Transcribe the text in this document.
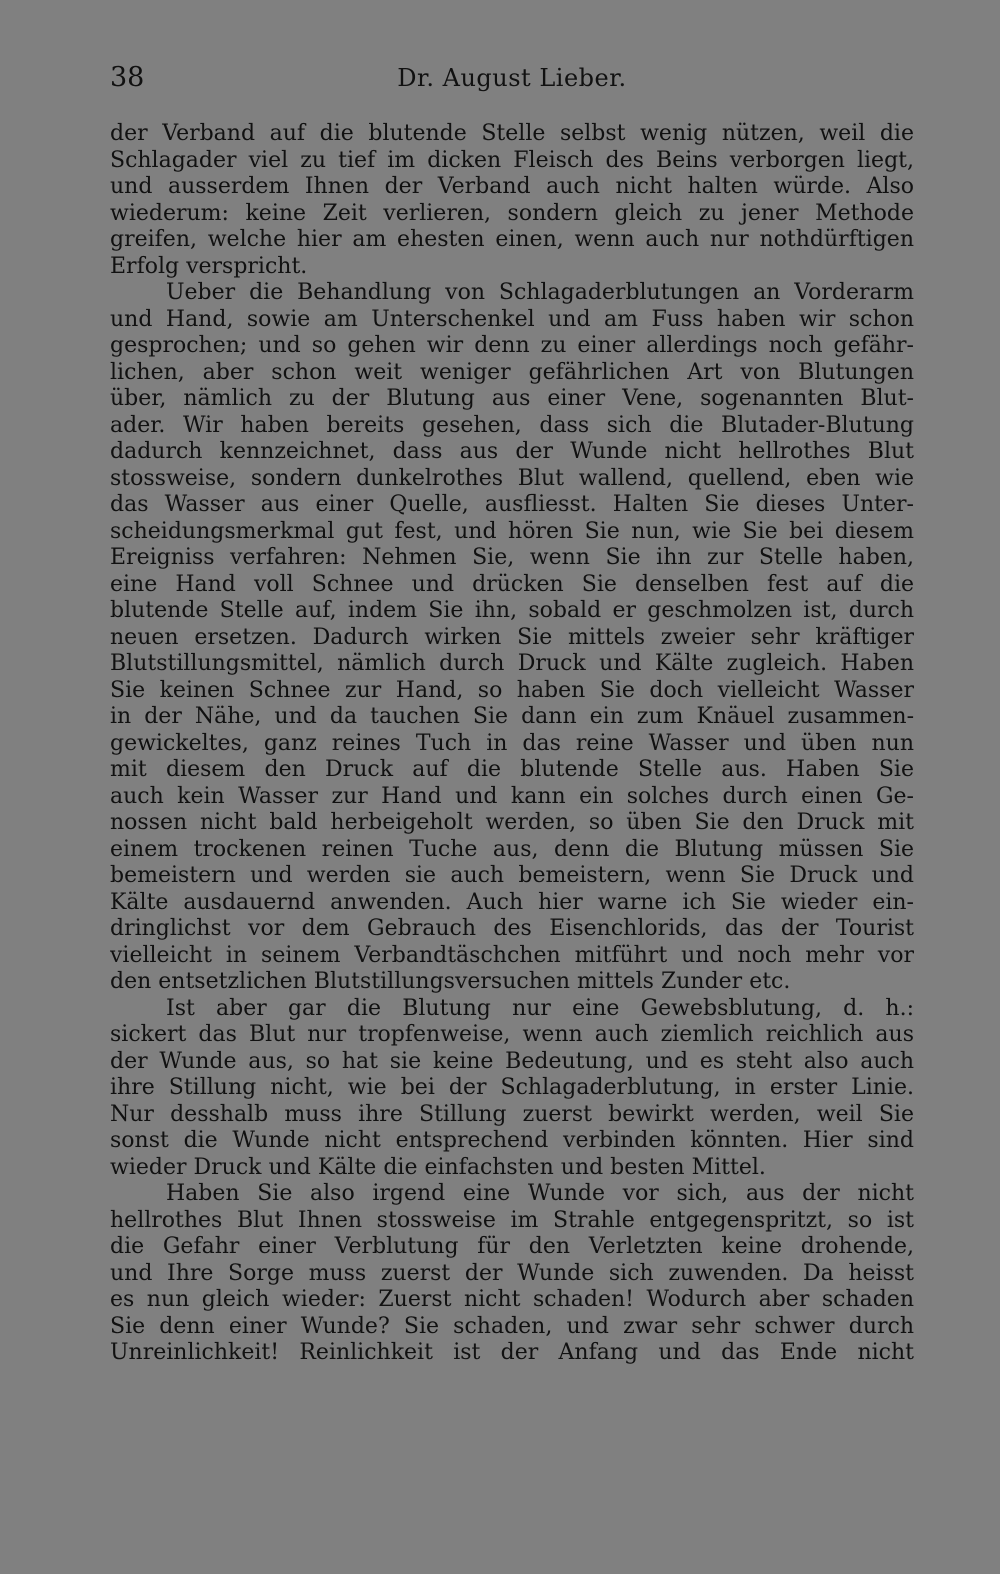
38	Dr. August Lieber.
der Verband auf die blutende Stelle selbst wenig nützen, weil die
Schlagader viel zu tief im dicken Fleisch des Beins verborgen liegt,
und ausserdem Ihnen der Verband auch nicht halten würde. Also
wiederum: keine Zeit verlieren, sondern gleich zu jener Methode
greifen, welche hier am ehesten einen, wenn auch nur nothdürftigen
Erfolg verspricht.
Ueber die Behandlung von Schlagaderblutungen an Vorderarm
und Hand, sowie am Unterschenkel und am Fuss haben wir schon
gesprochen; und so gehen wir denn zu einer allerdings noch gefähr-
lichen, aber schon weit weniger gefährlichen Art von Blutungen
über, nämlich zu der Blutung aus einer Vene, sogenannten Blut-
ader. Wir haben bereits gesehen, dass sich die Blutader-Blutung
dadurch kennzeichnet, dass aus der Wunde nicht hellrothes Blut
stossweise, sondern dunkelrothes Blut wallend, quellend, eben wie
das Wasser aus einer Quelle, ausfliesst. Halten Sie dieses Unter-
scheidungsmerkmal gut fest, und hören Sie nun, wie Sie bei diesem
Ereigniss verfahren: Nehmen Sie, wenn Sie ihn zur Stelle haben,
eine Hand voll Schnee und drücken Sie denselben fest auf die
blutende Stelle auf, indem Sie ihn, sobald er geschmolzen ist, durch
neuen ersetzen. Dadurch wirken Sie mittels zweier sehr kräftiger
Blutstillungsmittel, nämlich durch Druck und Kälte zugleich. Haben
Sie keinen Schnee zur Hand, so haben Sie doch vielleicht Wasser
in der Nähe, und da tauchen Sie dann ein zum Knäuel zusammen-
gewickeltes, ganz reines Tuch in das reine Wasser und üben nun
mit diesem den Druck auf die blutende Stelle aus. Haben Sie
auch kein Wasser zur Hand und kann ein solches durch einen Ge-
nossen nicht bald herbeigeholt werden, so üben Sie den Druck mit
einem trockenen reinen Tuche aus, denn die Blutung müssen Sie
bemeistern und werden sie auch bemeistern, wenn Sie Druck und
Kälte ausdauernd anwenden. Auch hier warne ich Sie wieder ein-
dringlichst vor dem Gebrauch des Eisenchlorids, das der Tourist
vielleicht in seinem Verbandtäschchen mitführt und noch mehr vor
den entsetzlichen Blutstillungsversuchen mittels Zunder etc.
Ist aber gar die Blutung nur eine Gewebsblutung, d. h.:
sickert das Blut nur tropfenweise, wenn auch ziemlich reichlich aus
der Wunde aus, so hat sie keine Bedeutung, und es steht also auch
ihre Stillung nicht, wie bei der Schlagaderblutung, in erster Linie.
Nur desshalb muss ihre Stillung zuerst bewirkt werden, weil Sie
sonst die Wunde nicht entsprechend verbinden könnten. Hier sind
wieder Druck und Kälte die einfachsten und besten Mittel.
Haben Sie also irgend eine Wunde vor sich, aus der nicht
hellrothes Blut Ihnen stossweise im Strahle entgegenspritzt, so ist
die Gefahr einer Verblutung für den Verletzten keine drohende,
und Ihre Sorge muss zuerst der Wunde sich zuwenden. Da heisst
es nun gleich wieder: Zuerst nicht schaden! Wodurch aber schaden
Sie denn einer Wunde? Sie schaden, und zwar sehr schwer durch
Unreinlichkeit! Reinlichkeit ist der Anfang und das Ende nicht
